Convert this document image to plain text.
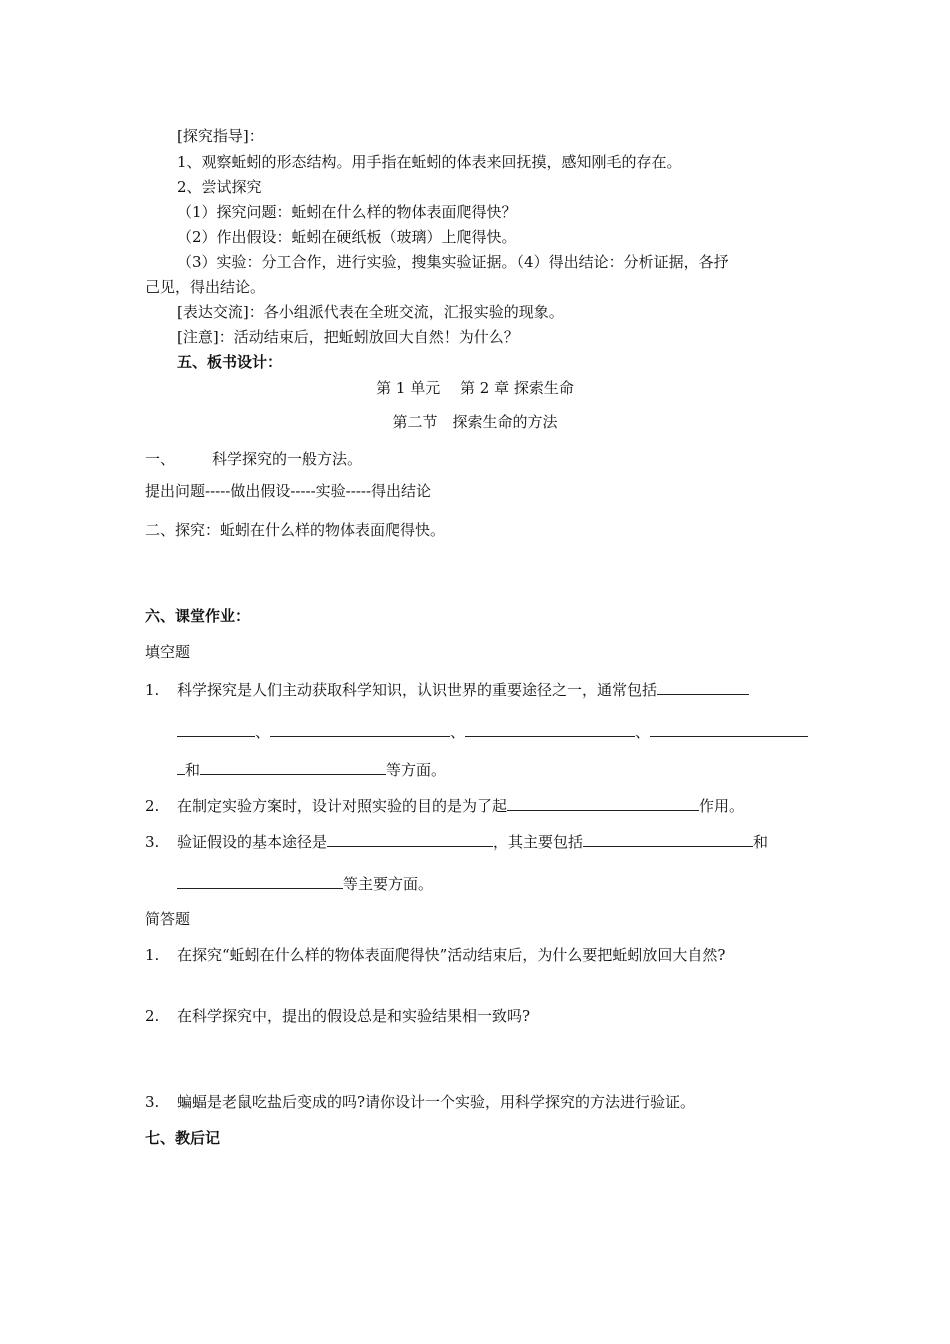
[探究指导]：
1、观察蚯蚓的形态结构。用手指在蚯蚓的体表来回抚摸，感知刚毛的存在。
2、尝试探究
（1）探究问题：蚯蚓在什么样的物体表面爬得快？
（2）作出假设：蚯蚓在硬纸板（玻璃）上爬得快。
（3）实验：分工合作，进行实验，搜集实验证据。（4）得出结论：分析证据，各抒
己见，得出结论。
[表达交流]：各小组派代表在全班交流，汇报实验的现象。
[注意]：活动结束后，把蚯蚓放回大自然！为什么？
五、板书设计：
第 1 单元　 第 2 章 探索生命
第二节　探索生命的方法
一、 科学探究的一般方法。
提出问题-----做出假设-----实验-----得出结论
二、探究：蚯蚓在什么样的物体表面爬得快。
六、课堂作业：
填空题
1. 科学探究是人们主动获取科学知识，认识世界的重要途径之一，通常包括
、	、	、
和	等方面。
2. 在制定实验方案时，设计对照实验的目的是为了起	作用。
3. 验证假设的基本途径是	，其主要包括	和
等主要方面。
简答题
1. 在探究“蚯蚓在什么样的物体表面爬得快”活动结束后，为什么要把蚯蚓放回大自然?
2. 在科学探究中，提出的假设总是和实验结果相一致吗?
3. 蝙蝠是老鼠吃盐后变成的吗?请你设计一个实验，用科学探究的方法进行验证。
七、教后记
